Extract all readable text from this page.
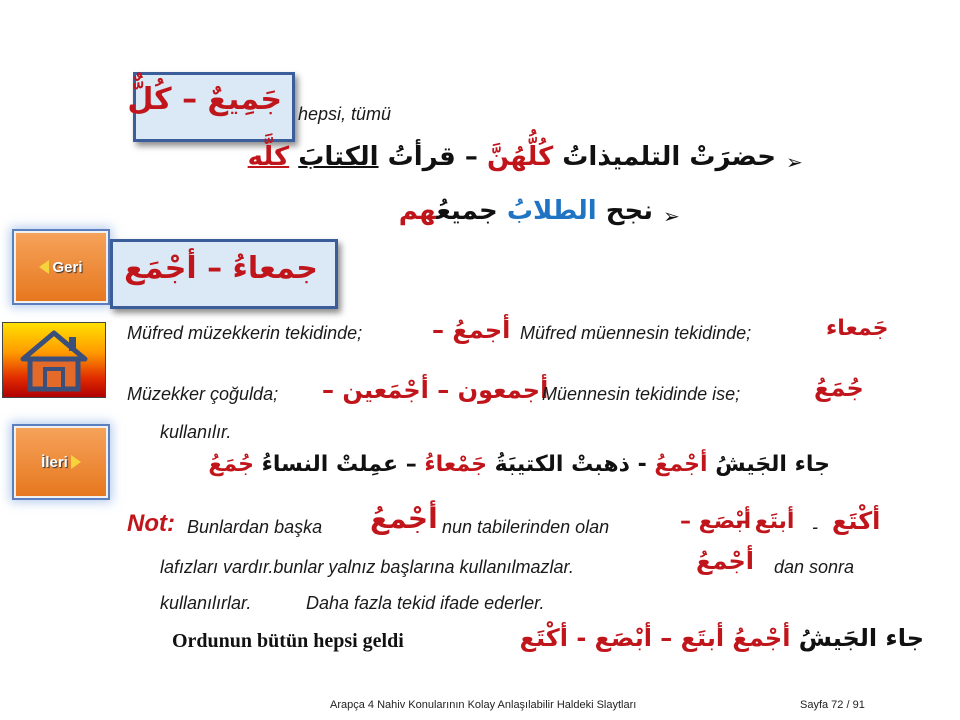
جَمِيعٌ – كُلٌّ hepsi, tümü
➢
حضرَتْ التلميذاتُ كُلُّهُنَّ – قرأتُ الكتابَ كلَّه
➢
نجح الطلابُ جميعُهم
Geri جمعاءُ – أجْمَع
Müfred müzekkerin tekidinde;	أجمعُ – Müfred müennesin tekidinde;	جَمعاء
Müzekker çoğulda; أجمعون – أجْمَعين –
Müennesin tekidinde ise;	جُمَعُ
İleri
kullanılır.
جاء الجَيشُ أجْمعُ - ذهبتْ الكتيبَةُ جَمْعاءُ – عمِلتْ النساءُ جُمَعُ
Not: Bunlardan başka أجْمعُ nun tabilerinden olan	أبْصَع –
أبتَع – - أكْتَع
lafızları vardır.bunlar yalnız başlarına kullanılmazlar.	أجْمعُ dan sonra
kullanılırlar.	Daha fazla tekid ifade ederler.
Ordunun bütün hepsi geldi	جاء الجَيشُ أجْمعُ أبتَع – أبْصَع - أكْتَع
Arapça 4 Nahiv Konularının Kolay Anlaşılabilir Haldeki Slaytları	Sayfa 72 / 91
